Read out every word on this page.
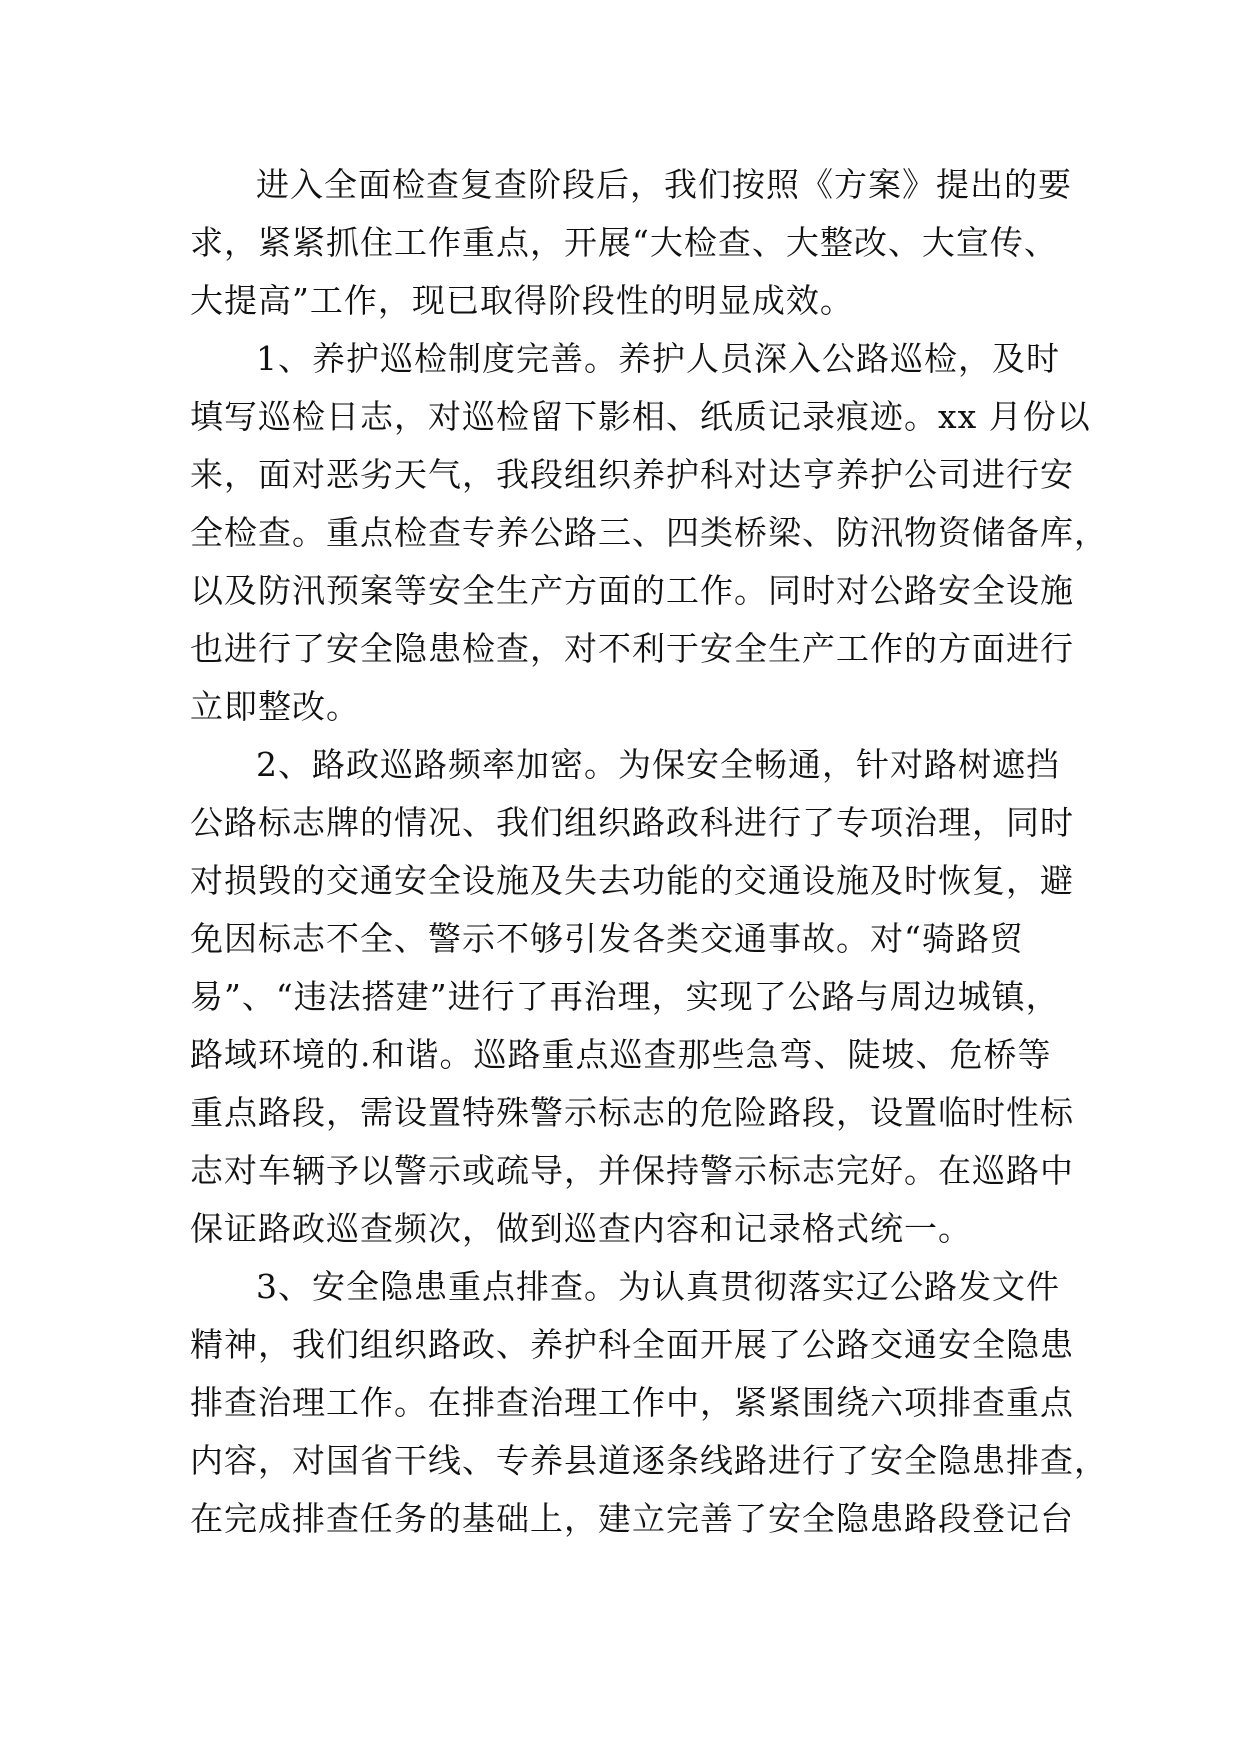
进入全面检查复查阶段后，我们按照《方案》提出的要
求，紧紧抓住工作重点，开展“大检查、大整改、大宣传、
大提高”工作，现已取得阶段性的明显成效。
1、养护巡检制度完善。养护人员深入公路巡检，及时
填写巡检日志，对巡检留下影相、纸质记录痕迹。xx 月份以
来，面对恶劣天气，我段组织养护科对达亨养护公司进行安
全检查。重点检查专养公路三、四类桥梁、防汛物资储备库，
以及防汛预案等安全生产方面的工作。同时对公路安全设施
也进行了安全隐患检查，对不利于安全生产工作的方面进行
立即整改。
2、路政巡路频率加密。为保安全畅通，针对路树遮挡
公路标志牌的情况、我们组织路政科进行了专项治理，同时
对损毁的交通安全设施及失去功能的交通设施及时恢复，避
免因标志不全、警示不够引发各类交通事故。对“骑路贸
易”、“违法搭建”进行了再治理，实现了公路与周边城镇，
路域环境的.和谐。巡路重点巡查那些急弯、陡坡、危桥等
重点路段，需设置特殊警示标志的危险路段，设置临时性标
志对车辆予以警示或疏导，并保持警示标志完好。在巡路中
保证路政巡查频次，做到巡查内容和记录格式统一。
3、安全隐患重点排查。为认真贯彻落实辽公路发文件
精神，我们组织路政、养护科全面开展了公路交通安全隐患
排查治理工作。在排查治理工作中，紧紧围绕六项排查重点
内容，对国省干线、专养县道逐条线路进行了安全隐患排查，
在完成排查任务的基础上，建立完善了安全隐患路段登记台
